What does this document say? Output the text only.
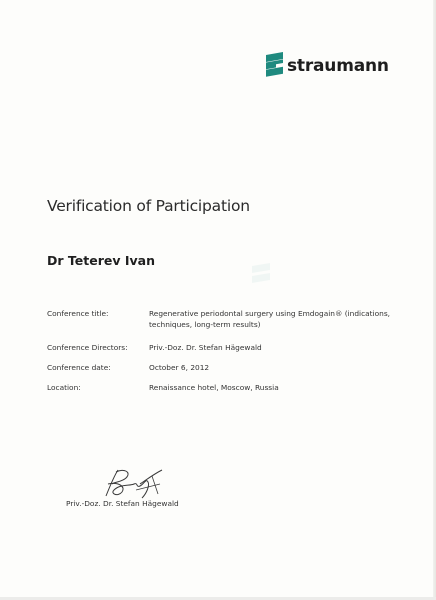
straumann
Verification of Participation
Dr Teterev Ivan
Conference title:	Regenerative periodontal surgery using Emdogain® (indications, techniques, long-term results)
Conference Directors:	Priv.-Doz. Dr. Stefan Hägewald
Conference date:	October 6, 2012
Location:	Renaissance hotel, Moscow, Russia
Priv.-Doz. Dr. Stefan Hägewald
